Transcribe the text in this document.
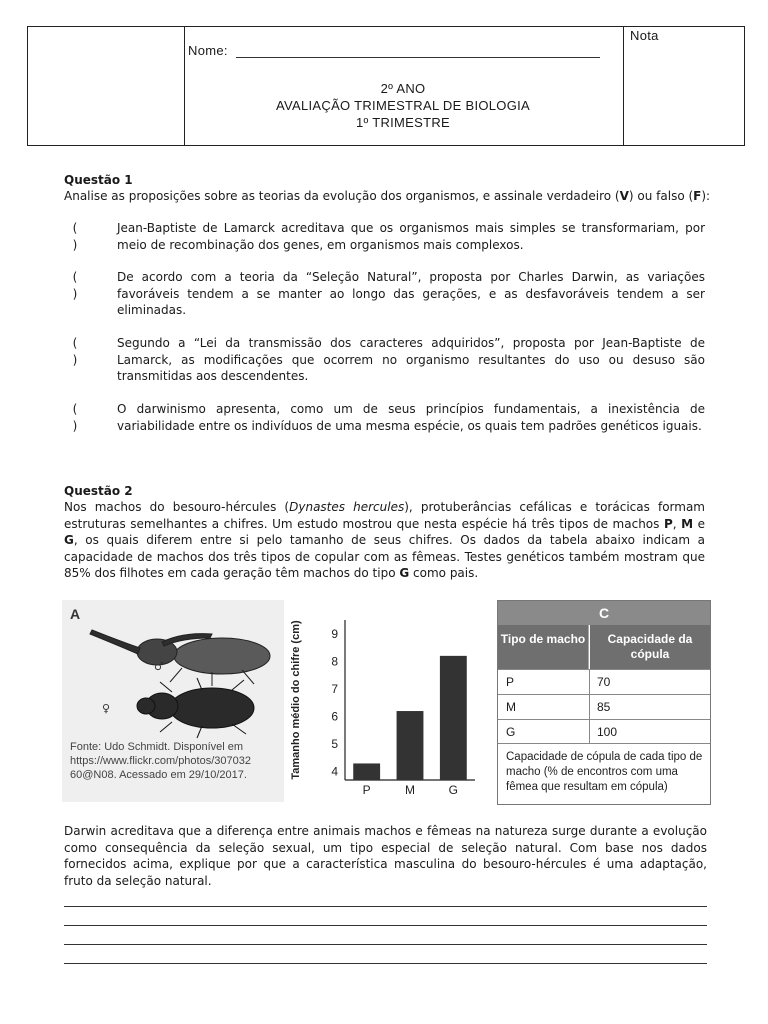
Nota
Nome:
2º ANO
AVALIAÇÃO TRIMESTRAL DE BIOLOGIA
1º TRIMESTRE
Questão 1
Analise as proposições sobre as teorias da evolução dos organismos, e assinale verdadeiro (V) ou falso (F):
(
)
Jean-Baptiste de Lamarck acreditava que os organismos mais simples se transformariam, por meio de recombinação dos genes, em organismos mais complexos.
(
)
De acordo com a teoria da “Seleção Natural”, proposta por Charles Darwin, as variações favoráveis tendem a se manter ao longo das gerações, e as desfavoráveis tendem a ser eliminadas.
(
)
Segundo a “Lei da transmissão dos caracteres adquiridos”, proposta por Jean-Baptiste de Lamarck, as modificações que ocorrem no organismo resultantes do uso ou desuso são transmitidas aos descendentes.
(
)
O darwinismo apresenta, como um de seus princípios fundamentais, a inexistência de variabilidade entre os indivíduos de uma mesma espécie, os quais tem padrões genéticos iguais.
Questão 2
Nos machos do besouro-hércules (Dynastes hercules), protuberâncias cefálicas e torácicas formam estruturas semelhantes a chifres. Um estudo mostrou que nesta espécie há três tipos de machos P, M e G, os quais diferem entre si pelo tamanho de seus chifres. Os dados da tabela abaixo indicam a capacidade de machos dos três tipos de copular com as fêmeas. Testes genéticos também mostram que 85% dos filhotes em cada geração têm machos do tipo G como pais.
A
♂
♀
Fonte: Udo Schmidt. Disponível em https://www.flickr.com/photos/307032 60@N08. Acessado em 29/10/2017.	Tamanho médio do chifre (cm) 4
5
6
7
8
9
P	M	G
C
Tipo de macho	Capacidade da cópula
P	70
M	85
G	100
Capacidade de cópula de cada tipo de macho (% de encontros com uma fêmea que resultam em cópula)
Darwin acreditava que a diferença entre animais machos e fêmeas na natureza surge durante a evolução como consequência da seleção sexual, um tipo especial de seleção natural. Com base nos dados fornecidos acima, explique por que a característica masculina do besouro-hércules é uma adaptação, fruto da seleção natural.
